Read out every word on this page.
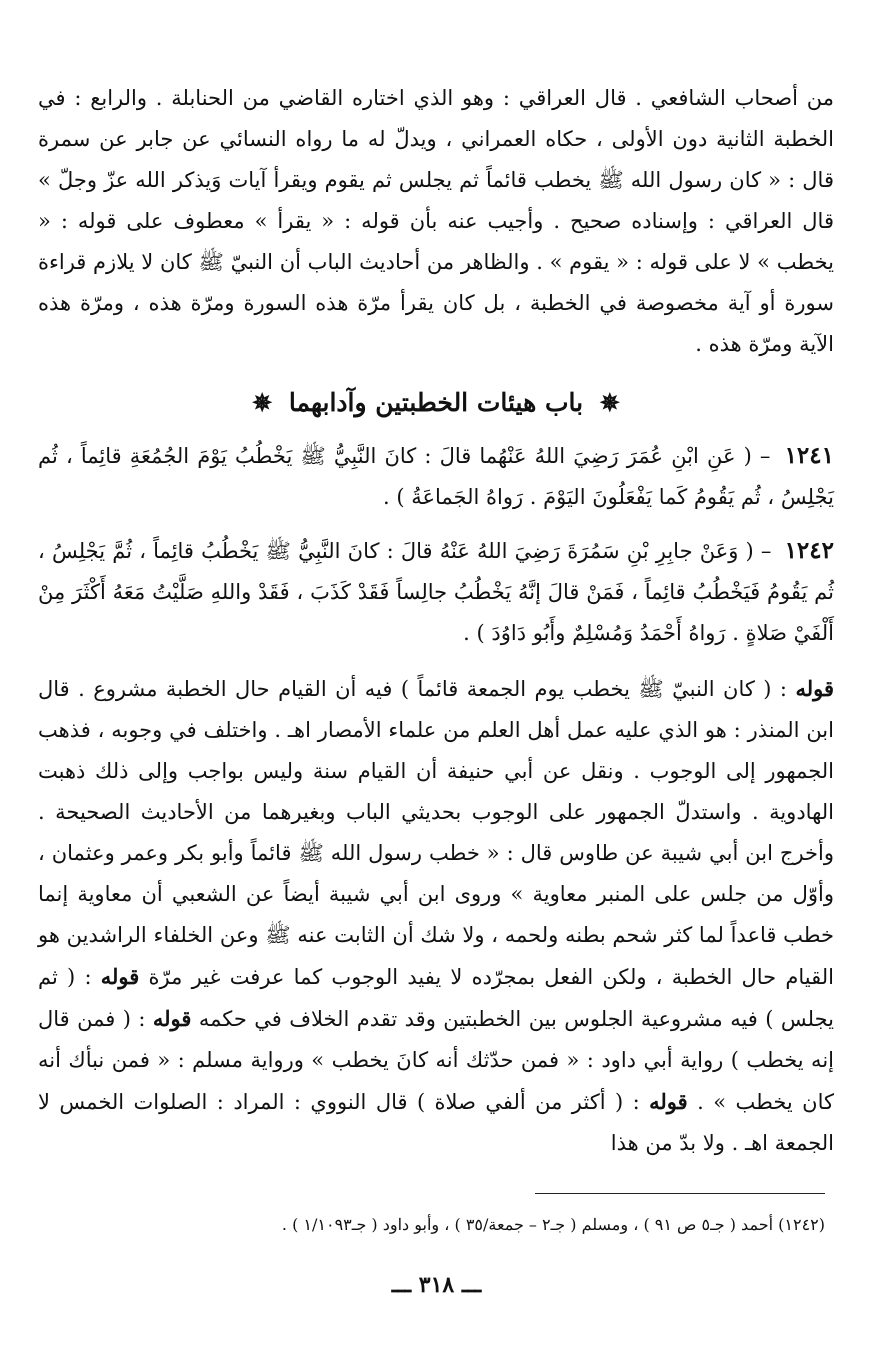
من أصحاب الشافعي . قال العراقي : وهو الذي اختاره القاضي من الحنابلة . والرابع : في الخطبة الثانية دون الأولى ، حكاه العمراني ، ويدلّ له ما رواه النسائي عن جابر عن سمرة قال : « كان رسول الله ﷺ يخطب قائماً ثم يجلس ثم يقوم ويقرأ آيات وَيذكر الله عزّ وجلّ » قال العراقي : وإسناده صحيح . وأجيب عنه بأن قوله : « يقرأ » معطوف على قوله : « يخطب » لا على قوله : « يقوم » . والظاهر من أحاديث الباب أن النبيّ ﷺ كان لا يلازم قراءة سورة أو آية مخصوصة في الخطبة ، بل كان يقرأ مرّة هذه السورة ومرّة هذه ، ومرّة هذه الآية ومرّة هذه .

✵ باب هيئات الخطبتين وآدابهما ✵

١٢٤١ – ( عَنِ ابْنِ عُمَرَ رَضِيَ اللهُ عَنْهُما قالَ : كانَ النَّبِيُّ ﷺ يَخْطُبُ يَوْمَ الجُمُعَةِ قائِماً ، ثُم يَجْلِسُ ، ثُم يَقُومُ كَما يَفْعَلُونَ اليَوْمَ . رَواهُ الجَماعَةُ ) .

١٢٤٢ – ( وَعَنْ جابِرِ بْنِ سَمُرَةَ رَضِيَ اللهُ عَنْهُ قالَ : كانَ النَّبِيُّ ﷺ يَخْطُبُ قائِماً ، ثُمَّ يَجْلِسُ ، ثُم يَقُومُ فَيَخْطُبُ قائِماً ، فَمَنْ قالَ إنَّهُ يَخْطُبُ جالِساً فَقَدْ كَذَبَ ، فَقَدْ واللهِ صَلَّيْتُ مَعَهُ أَكْثَرَ مِنْ أَلْفَيْ صَلاةٍ . رَواهُ أَحْمَدُ وَمُسْلِمٌ وأَبُو دَاوُدَ ) .

قوله : ( كان النبيّ ﷺ يخطب يوم الجمعة قائماً ) فيه أن القيام حال الخطبة مشروع . قال ابن المنذر : هو الذي عليه عمل أهل العلم من علماء الأمصار اهـ . واختلف في وجوبه ، فذهب الجمهور إلى الوجوب . ونقل عن أبي حنيفة أن القيام سنة وليس بواجب وإلى ذلك ذهبت الهادوية . واستدلّ الجمهور على الوجوب بحديثي الباب وبغيرهما من الأحاديث الصحيحة . وأخرج ابن أبي شيبة عن طاوس قال : « خطب رسول الله ﷺ قائماً وأبو بكر وعمر وعثمان ، وأوّل من جلس على المنبر معاوية » وروى ابن أبي شيبة أيضاً عن الشعبي أن معاوية إنما خطب قاعداً لما كثر شحم بطنه ولحمه ، ولا شك أن الثابت عنه ﷺ وعن الخلفاء الراشدين هو القيام حال الخطبة ، ولكن الفعل بمجرّده لا يفيد الوجوب كما عرفت غير مرّة قوله : ( ثم يجلس ) فيه مشروعية الجلوس بين الخطبتين وقد تقدم الخلاف في حكمه قوله : ( فمن قال إنه يخطب ) رواية أبي داود : « فمن حدّثك أنه كانَ يخطب » ورواية مسلم : « فمن نبأك أنه كان يخطب » . قوله : ( أكثر من ألفي صلاة ) قال النووي : المراد : الصلوات الخمس لا الجمعة اهـ . ولا بدّ من هذا

(١٢٤٢) أحمد ( جـ٥ ص ٩١ ) ، ومسلم ( جـ٢ – جمعة/٣٥ ) ، وأبو داود ( جـ١/١٠٩٣ ) .
ـــ ٣١٨ ـــ
